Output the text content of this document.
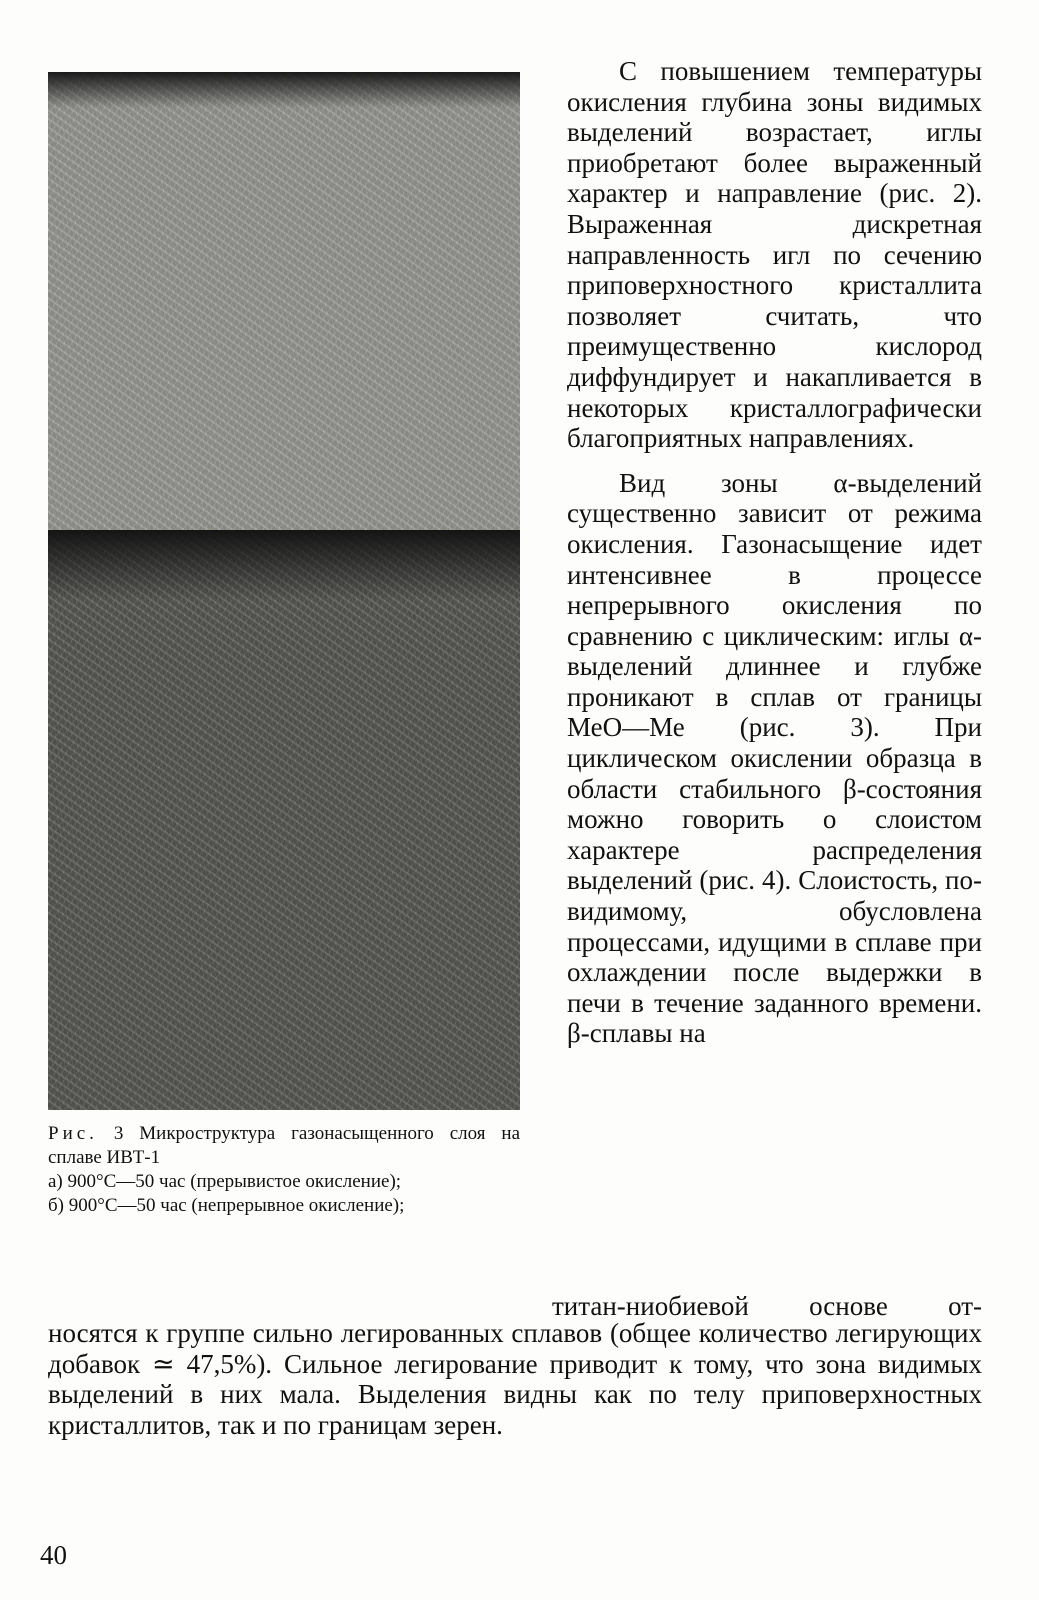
Рис. 3 Микроструктура газонасыщенного слоя на сплаве ИВТ-1

а) 900°С—50 час (прерывистое окисление);

б) 900°С—50 час (непрерывное окисление);

С повышением температуры окисления глубина зоны видимых выделений возрастает, иглы приобретают более выраженный характер и направление (рис. 2). Выраженная дискретная направленность игл по сечению приповерхностного кристаллита позволяет считать, что преимущественно кислород диффундирует и накапливается в некоторых кристаллографически благоприятных направлениях.

Вид зоны α-выделений существенно зависит от режима окисления. Газонасыщение идет интенсивнее в процессе непрерывного окисления по сравнению с циклическим: иглы α-выделений длиннее и глубже проникают в сплав от границы МеО—Ме (рис. 3). При циклическом окислении образца в области стабильного β-состояния можно говорить о слоистом характере распределения выделений (рис. 4). Слоистость, по-видимому, обусловлена процессами, идущими в сплаве при охлаждении после выдержки в печи в течение заданного времени. β-сплавы на

титан-ниобиевой основе от-
носятся к группе сильно легированных сплавов (общее количество легирующих добавок ≃ 47,5%). Сильное легирование приводит к тому, что зона видимых выделений в них мала. Выделения видны как по телу приповерхностных кристаллитов, так и по границам зерен.
40
